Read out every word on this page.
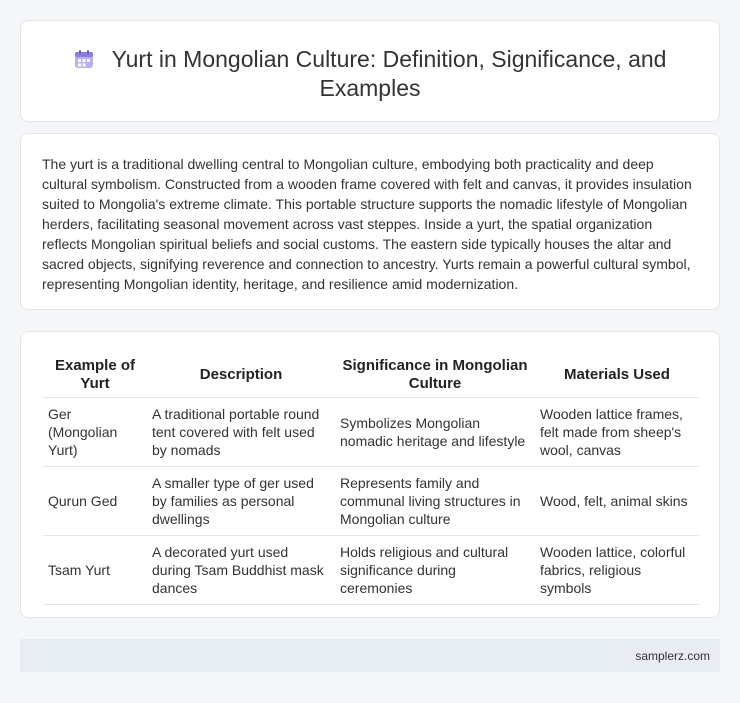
Yurt in Mongolian Culture: Definition, Significance, and Examples

The yurt is a traditional dwelling central to Mongolian culture, embodying both practicality and deep cultural symbolism. Constructed from a wooden frame covered with felt and canvas, it provides insulation suited to Mongolia's extreme climate. This portable structure supports the nomadic lifestyle of Mongolian herders, facilitating seasonal movement across vast steppes. Inside a yurt, the spatial organization reflects Mongolian spiritual beliefs and social customs. The eastern side typically houses the altar and sacred objects, signifying reverence and connection to ancestry. Yurts remain a powerful cultural symbol, representing Mongolian identity, heritage, and resilience amid modernization.

Example of Yurt	Description	Significance in Mongolian Culture	Materials Used
Ger (Mongolian Yurt)	A traditional portable round tent covered with felt used by nomads	Symbolizes Mongolian nomadic heritage and lifestyle	Wooden lattice frames, felt made from sheep's wool, canvas
Qurun Ged	A smaller type of ger used by families as personal dwellings	Represents family and communal living structures in Mongolian culture	Wood, felt, animal skins
Tsam Yurt	A decorated yurt used during Tsam Buddhist mask dances	Holds religious and cultural significance during ceremonies	Wooden lattice, colorful fabrics, religious symbols
samplerz.com
